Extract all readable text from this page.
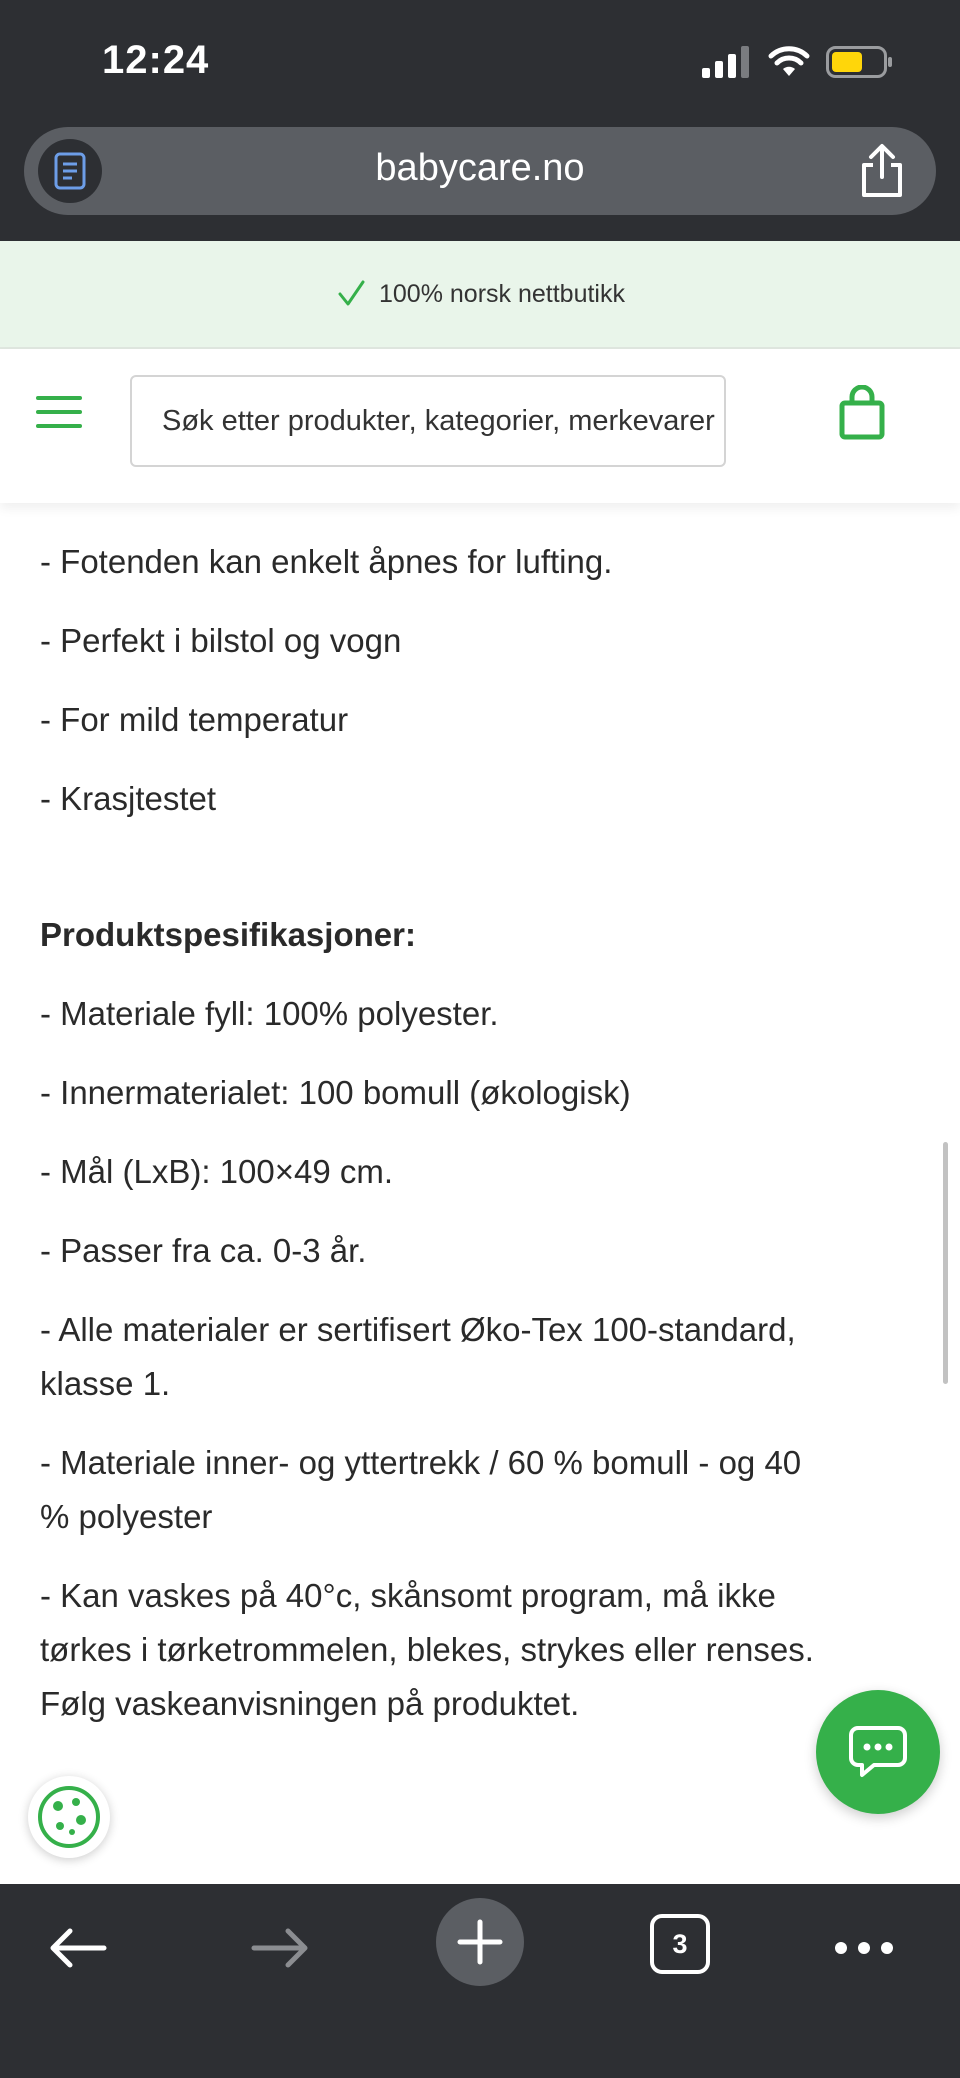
12:24
babycare.no
100% norsk nettbutikk
Søk etter produkter, kategorier, merkevarer
- Fotenden kan enkelt åpnes for lufting.
- Perfekt i bilstol og vogn
- For mild temperatur
- Krasjtestet
Produktspesifikasjoner:
- Materiale fyll: 100% polyester.
- Innermaterialet: 100 bomull (økologisk)
- Mål (LxB): 100×49 cm.
- Passer fra ca. 0-3 år.
- Alle materialer er sertifisert Øko-Tex 100-standard,
klasse 1.
- Materiale inner- og yttertrekk / 60 % bomull - og 40
% polyester
- Kan vaskes på 40°c, skånsomt program, må ikke
tørkes i tørketrommelen, blekes, strykes eller renses.
Følg vaskeanvisningen på produktet.
3
